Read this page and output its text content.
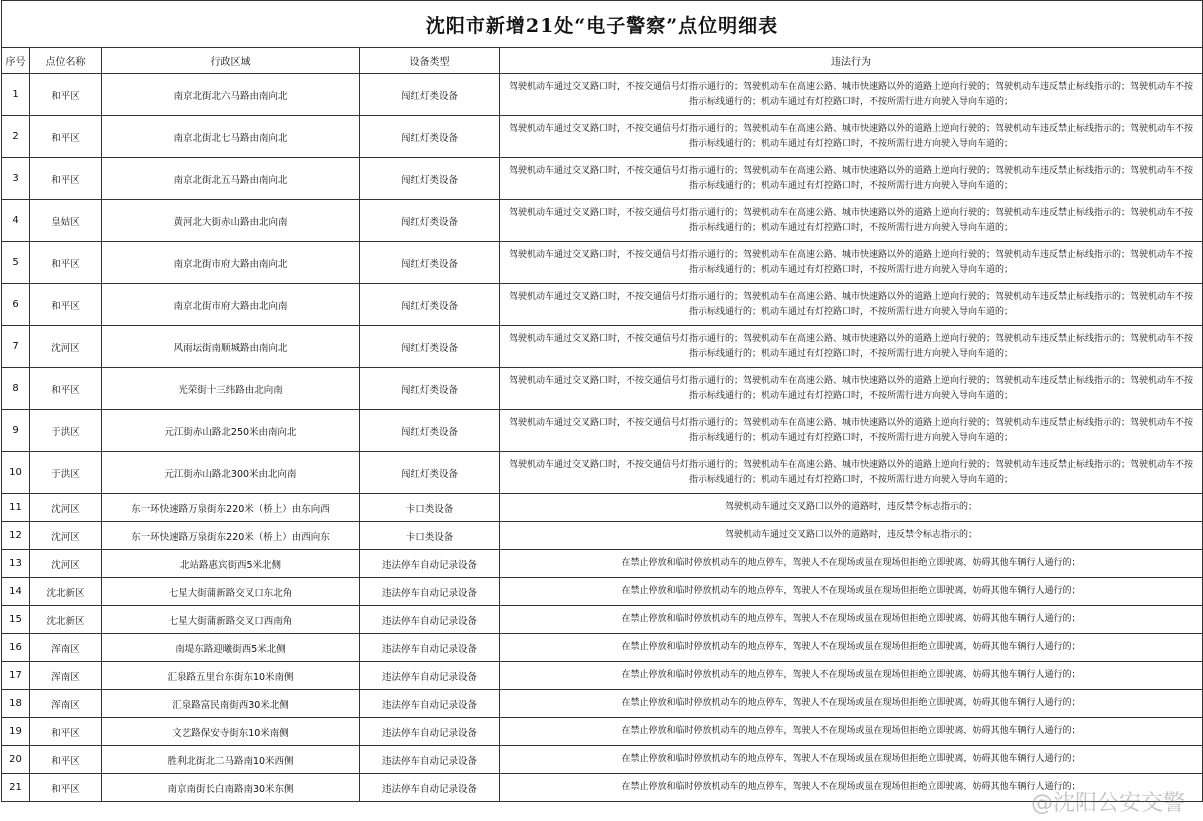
沈阳市新增21处“电子警察”点位明细表				
序号	点位名称	行政区域	设备类型	违法行为
1	和平区	南京北街北六马路由南向北	闯红灯类设备	驾驶机动车通过交叉路口时，不按交通信号灯指示通行的；驾驶机动车在高速公路、城市快速路以外的道路上逆向行驶的；驾驶机动车违反禁止标线指示的；驾驶机动车不按指示标线通行的；机动车通过有灯控路口时，不按所需行进方向驶入导向车道的；
2	和平区	南京北街北七马路由南向北	闯红灯类设备	驾驶机动车通过交叉路口时，不按交通信号灯指示通行的；驾驶机动车在高速公路、城市快速路以外的道路上逆向行驶的；驾驶机动车违反禁止标线指示的；驾驶机动车不按指示标线通行的；机动车通过有灯控路口时，不按所需行进方向驶入导向车道的；
3	和平区	南京北街北五马路由南向北	闯红灯类设备	驾驶机动车通过交叉路口时，不按交通信号灯指示通行的；驾驶机动车在高速公路、城市快速路以外的道路上逆向行驶的；驾驶机动车违反禁止标线指示的；驾驶机动车不按指示标线通行的；机动车通过有灯控路口时，不按所需行进方向驶入导向车道的；
4	皇姑区	黄河北大街赤山路由北向南	闯红灯类设备	驾驶机动车通过交叉路口时，不按交通信号灯指示通行的；驾驶机动车在高速公路、城市快速路以外的道路上逆向行驶的；驾驶机动车违反禁止标线指示的；驾驶机动车不按指示标线通行的；机动车通过有灯控路口时，不按所需行进方向驶入导向车道的；
5	和平区	南京北街市府大路由南向北	闯红灯类设备	驾驶机动车通过交叉路口时，不按交通信号灯指示通行的；驾驶机动车在高速公路、城市快速路以外的道路上逆向行驶的；驾驶机动车违反禁止标线指示的；驾驶机动车不按指示标线通行的；机动车通过有灯控路口时，不按所需行进方向驶入导向车道的；
6	和平区	南京北街市府大路由北向南	闯红灯类设备	驾驶机动车通过交叉路口时，不按交通信号灯指示通行的；驾驶机动车在高速公路、城市快速路以外的道路上逆向行驶的；驾驶机动车违反禁止标线指示的；驾驶机动车不按指示标线通行的；机动车通过有灯控路口时，不按所需行进方向驶入导向车道的；
7	沈河区	风雨坛街南顺城路由南向北	闯红灯类设备	驾驶机动车通过交叉路口时，不按交通信号灯指示通行的；驾驶机动车在高速公路、城市快速路以外的道路上逆向行驶的；驾驶机动车违反禁止标线指示的；驾驶机动车不按指示标线通行的；机动车通过有灯控路口时，不按所需行进方向驶入导向车道的；
8	和平区	光荣街十三纬路由北向南	闯红灯类设备	驾驶机动车通过交叉路口时，不按交通信号灯指示通行的；驾驶机动车在高速公路、城市快速路以外的道路上逆向行驶的；驾驶机动车违反禁止标线指示的；驾驶机动车不按指示标线通行的；机动车通过有灯控路口时，不按所需行进方向驶入导向车道的；
9	于洪区	元江街赤山路北250米由南向北	闯红灯类设备	驾驶机动车通过交叉路口时，不按交通信号灯指示通行的；驾驶机动车在高速公路、城市快速路以外的道路上逆向行驶的；驾驶机动车违反禁止标线指示的；驾驶机动车不按指示标线通行的；机动车通过有灯控路口时，不按所需行进方向驶入导向车道的；
10	于洪区	元江街赤山路北300米由北向南	闯红灯类设备	驾驶机动车通过交叉路口时，不按交通信号灯指示通行的；驾驶机动车在高速公路、城市快速路以外的道路上逆向行驶的；驾驶机动车违反禁止标线指示的；驾驶机动车不按指示标线通行的；机动车通过有灯控路口时，不按所需行进方向驶入导向车道的；
11	沈河区	东一环快速路万泉街东220米（桥上）由东向西	卡口类设备	驾驶机动车通过交叉路口以外的道路时，违反禁令标志指示的；
12	沈河区	东一环快速路万泉街东220米（桥上）由西向东	卡口类设备	驾驶机动车通过交叉路口以外的道路时，违反禁令标志指示的；
13	沈河区	北站路惠宾街西5米北侧	违法停车自动记录设备	在禁止停放和临时停放机动车的地点停车，驾驶人不在现场或虽在现场但拒绝立即驶离，妨碍其他车辆行人通行的；
14	沈北新区	七星大街蒲新路交叉口东北角	违法停车自动记录设备	在禁止停放和临时停放机动车的地点停车，驾驶人不在现场或虽在现场但拒绝立即驶离，妨碍其他车辆行人通行的；
15	沈北新区	七星大街蒲新路交叉口西南角	违法停车自动记录设备	在禁止停放和临时停放机动车的地点停车，驾驶人不在现场或虽在现场但拒绝立即驶离，妨碍其他车辆行人通行的；
16	浑南区	南堤东路迎曦街西5米北侧	违法停车自动记录设备	在禁止停放和临时停放机动车的地点停车，驾驶人不在现场或虽在现场但拒绝立即驶离，妨碍其他车辆行人通行的；
17	浑南区	汇泉路五里台东街东10米南侧	违法停车自动记录设备	在禁止停放和临时停放机动车的地点停车，驾驶人不在现场或虽在现场但拒绝立即驶离，妨碍其他车辆行人通行的；
18	浑南区	汇泉路富民南街西30米北侧	违法停车自动记录设备	在禁止停放和临时停放机动车的地点停车，驾驶人不在现场或虽在现场但拒绝立即驶离，妨碍其他车辆行人通行的；
19	和平区	文艺路保安寺街东10米南侧	违法停车自动记录设备	在禁止停放和临时停放机动车的地点停车，驾驶人不在现场或虽在现场但拒绝立即驶离，妨碍其他车辆行人通行的；
20	和平区	胜利北街北二马路南10米西侧	违法停车自动记录设备	在禁止停放和临时停放机动车的地点停车，驾驶人不在现场或虽在现场但拒绝立即驶离，妨碍其他车辆行人通行的；
21	和平区	南京南街长白南路南30米东侧	违法停车自动记录设备	在禁止停放和临时停放机动车的地点停车，驾驶人不在现场或虽在现场但拒绝立即驶离，妨碍其他车辆行人通行的；
@沈阳公安交警
